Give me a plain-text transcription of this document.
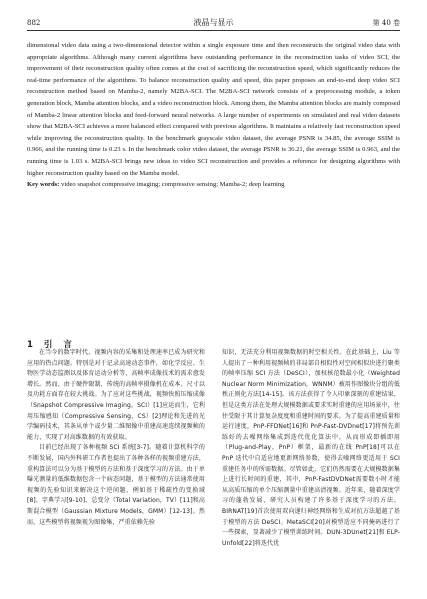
882	液晶与显示	第 40 卷

dimensional video data using a two-dimensional detector within a single exposure time and then reconstructs the original video data with appropriate algorithms. Although many current algorithms have outstanding performance in the reconstruction tasks of video SCI, the improvement of their reconstruction quality often comes at the cost of sacrificing the reconstruction speed, which significantly reduces the real-time performance of the algorithms. To balance reconstruction quality and speed, this paper proposes an end-to-end deep video SCI reconstruction method based on Mamba-2, namely M2BA-SCI. The M2BA-SCI network consists of a preprocessing module, a token generation block, Mamba attention blocks, and a video reconstruction block. Among them, the Mamba attention blocks are mainly composed of Mamba-2 linear attention blocks and feed-forward neural networks. A large number of experiments on simulated and real video datasets show that M2BA-SCI achieves a more balanced effect compared with previous algorithms. It maintains a relatively fast reconstruction speed while improving the reconstruction quality. In the benchmark grayscale video dataset, the average PSNR is 34.85, the average SSIM is 0.966, and the running time is 0.23 s. In the benchmark color video dataset, the average PSNR is 36.21, the average SSIM is 0.963, and the running time is 1.03 s. M2BA-SCI brings new ideas to video SCI reconstruction and provides a reference for designing algorithms with higher reconstruction quality based on the Mamba model.

Key words: video snapshot compressive imaging; compressive sensing; Mamba-2; deep learning

1 引 言

在当今的数字时代，视频内容的采集和处理速率已成为研究和应用的热点问题。特别是对于记录高速动态事件，如化学反应、生物医学动态监测以及体育运动分析等，高帧率成像技术的需求愈发增长。然而，由于硬件限制，传统的高帧率摄像机在成本、尺寸以及功耗方面存在较大挑战。为了应对这些挑战，视频快照压缩成像（Snapshot Compressive Imaging，SCI）[1]应运而生，它利用压缩感知（Compressive Sensing，CS）[2]理论和先进的光学编码技术，其条从单个或少量二维图像中重建高速连续视频帧的能力，实现了对高维数据的有效获取。

目前已经出现了各种视频 SCI 系统[3-7]。随着计算机科学的不断发展，国内外科研工作者也提出了各种各样的视频重建方法，重构算法可以分为基于模型的方法和基于深度学习的方法。由于单曝光测量的低维数据包含一个病态问题，基于模型的方法通常使用视频的先验知识来解决这个逆问题，例如基于稀疏性的变换域[8]、字典学习[9-10]、总变分（Total Variation，TV）[11]和高斯混合模型（Gaussian Mixture Models，GMM）[12-13]。然而，这些模型将视频视为图像集，严重依赖先验

知识，无法充分利用视频数据的时空相关性。在此基础上，Liu 等人提出了一种利用视频帧的非局部自相似性对空间相似块进行聚类的帧率压缩 SCI 方法（DeSCI），加权核范数最小化（Weighted Nuclear Norm Minimization，WNNM）被用作图像块分组的低秩正则化方法[14-15]。该方法获得了令人印象深刻的重建结果，但是这类方法在处理大规模数据或要求实时重建的应用场景中，往往受限于其计算复杂度度和重建时间的要求。为了提高重建质量和运行速度，PnP-FFDNet[16]和 PnP-Fast-DVDnet[17]将预先训练好的去噪网络集成到迭代优化算法中，从而形成即插即用（Plug-and-Play，PnP）框架，最新的在线 PnP[18]可以在 PnP 迭代中自适应地更新网络参数，使得去噪网络更适用于 SCI 重建任务中的所需数据。尽管如此，它们仍然需要在大规模数据集上进行长时间的重建，其中，PnP-FastDVDNet需要数小时才能从高质压缩的单个压缩测量中重建高清视频。近年来，随着深度学习的蓬勃发展，研究人员构建了许多基于深度学习的方法。BIRNAT[19]首次使用双向递归神经网络和生成对抗方法超越了基于模型的方法 DeSCI。MetaSCI[20]对模型适应不同掩码进行了一些探索，显著减少了模型训练时间。DUN-3DUnet[21]和 ELP-Unfold[22]将迭代优
